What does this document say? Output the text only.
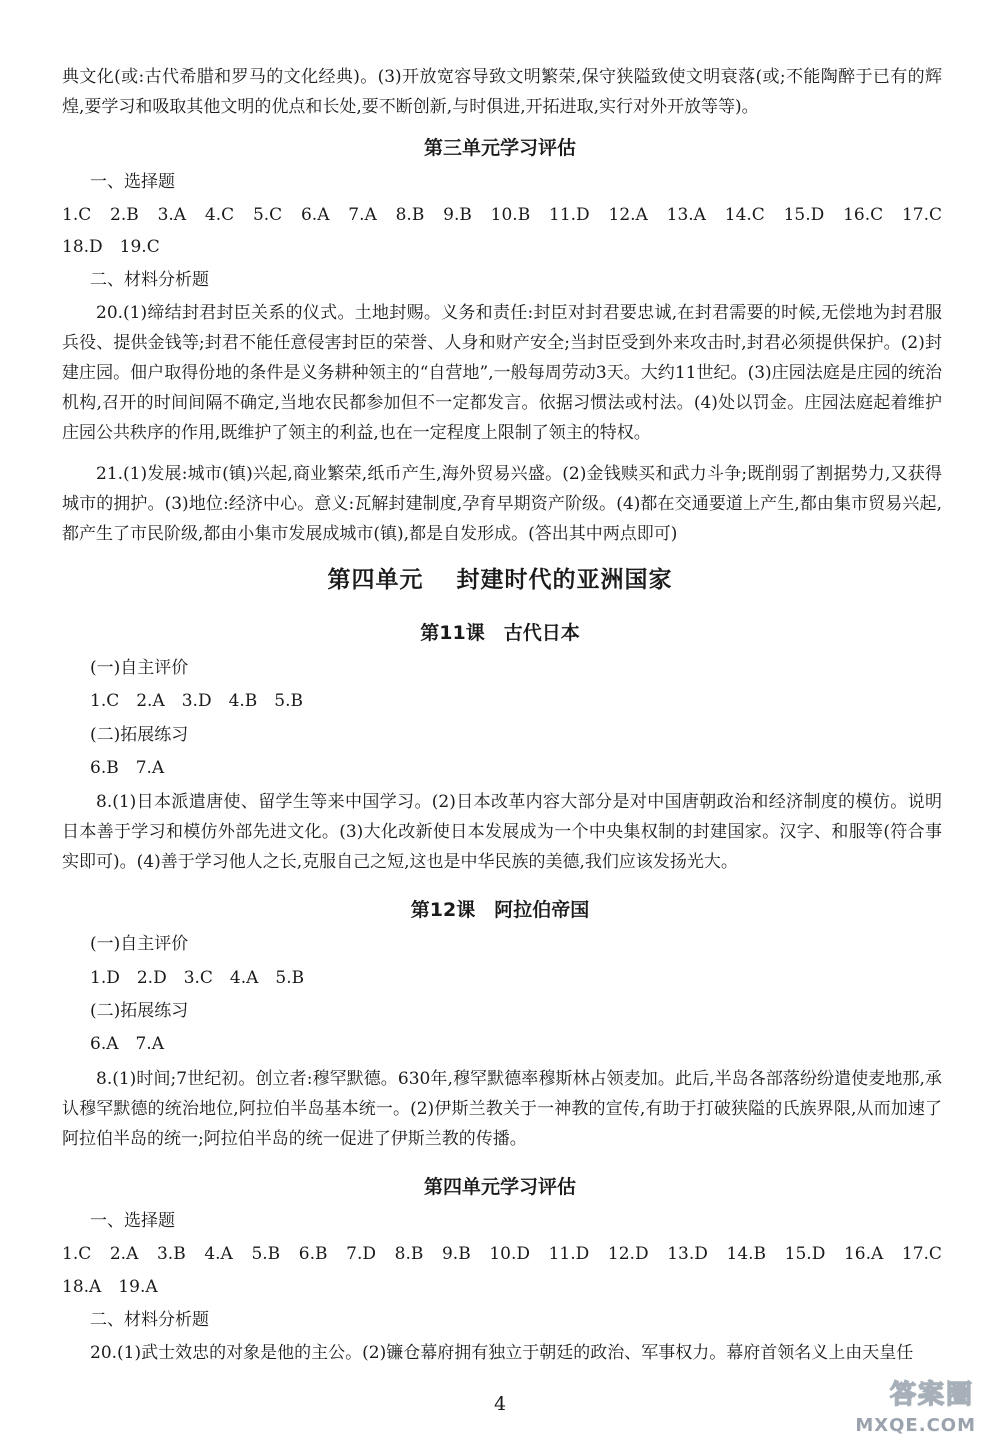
典文化(或:古代希腊和罗马的文化经典)。(3)开放宽容导致文明繁荣,保守狭隘致使文明衰落(或;不能陶醉于已有的辉煌,要学习和吸取其他文明的优点和长处,要不断创新,与时俱进,开拓进取,实行对外开放等等)。

第三单元学习评估

一、选择题

1.C 2.B 3.A 4.C 5.C 6.A 7.A 8.B 9.B 10.B 11.D 12.A 13.A 14.C 15.D 16.C 17.C

18.D　19.C

二、材料分析题

20.(1)缔结封君封臣关系的仪式。土地封赐。义务和责任:封臣对封君要忠诚,在封君需要的时候,无偿地为封君服兵役、提供金钱等;封君不能任意侵害封臣的荣誉、人身和财产安全;当封臣受到外来攻击时,封君必须提供保护。(2)封建庄园。佃户取得份地的条件是义务耕种领主的“自营地”,一般每周劳动3天。大约11世纪。(3)庄园法庭是庄园的统治机构,召开的时间间隔不确定,当地农民都参加但不一定都发言。依据习惯法或村法。(4)处以罚金。庄园法庭起着维护庄园公共秩序的作用,既维护了领主的利益,也在一定程度上限制了领主的特权。

21.(1)发展:城市(镇)兴起,商业繁荣,纸币产生,海外贸易兴盛。(2)金钱赎买和武力斗争;既削弱了割据势力,又获得城市的拥护。(3)地位:经济中心。意义:瓦解封建制度,孕育早期资产阶级。(4)都在交通要道上产生,都由集市贸易兴起,都产生了市民阶级,都由小集市发展成城市(镇),都是自发形成。(答出其中两点即可)

第四单元　 封建时代的亚洲国家
第11课　古代日本

(一)自主评价

1.C　2.A　3.D　4.B　5.B

(二)拓展练习

6.B　7.A

8.(1)日本派遣唐使、留学生等来中国学习。(2)日本改革内容大部分是对中国唐朝政治和经济制度的模仿。说明日本善于学习和模仿外部先进文化。(3)大化改新使日本发展成为一个中央集权制的封建国家。汉字、和服等(符合事实即可)。(4)善于学习他人之长,克服自己之短,这也是中华民族的美德,我们应该发扬光大。

第12课　阿拉伯帝国

(一)自主评价

1.D　2.D　3.C　4.A　5.B

(二)拓展练习

6.A　7.A

8.(1)时间;7世纪初。创立者:穆罕默德。630年,穆罕默德率穆斯林占领麦加。此后,半岛各部落纷纷遣使麦地那,承认穆罕默德的统治地位,阿拉伯半岛基本统一。(2)伊斯兰教关于一神教的宣传,有助于打破狭隘的氏族界限,从而加速了阿拉伯半岛的统一;阿拉伯半岛的统一促进了伊斯兰教的传播。

第四单元学习评估

一、选择题

1.C 2.A 3.B 4.A 5.B 6.B 7.D 8.B 9.B 10.D 11.D 12.D 13.D 14.B 15.D 16.A 17.C

18.A　19.A

二、材料分析题

20.(1)武士效忠的对象是他的主公。(2)镰仓幕府拥有独立于朝廷的政治、军事权力。幕府首领名义上由天皇任

4	答案圈
MXQE.COM
